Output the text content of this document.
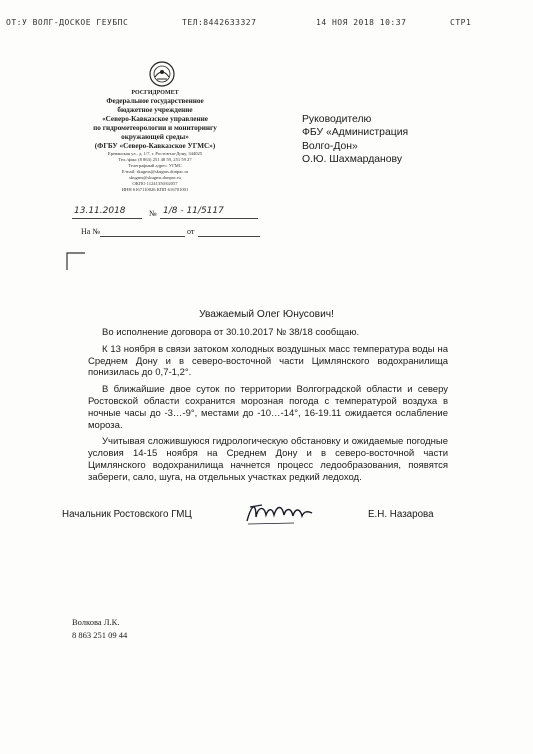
ОТ:У ВОЛГ-ДОСКОЕ ГЕУБПС	ТЕЛ:8442633327	14 НОЯ 2018 10:37	СТР1
РОСГИДРОМЕТ
Федеральное государственное
бюджетное учреждение
«Северо-Кавказское управление
по гидрометеорологии и мониторингу
окружающей среды»
(ФГБУ «Северо-Кавказское УГМС»)
Ереванская ул., д. 1/7, г. Ростов-на-Дону, 344025
Тел./факс (8 863) 251 48 59, 251 59 27
Телеграфный адрес: УГМС
E-mail: skugms@skugms.donpac.ru
skugms@skugms.donpac.ru
ОКПО 11241350/02057
ИНН 6167110026 КПП 616701001
Руководителю
ФБУ «Администрация
Волго-Дон»
О.Ю. Шахмарданову
13.11.2018	№ 1/8 - 11/5117
На №	от
Уважаемый Олег Юнусович!

Во исполнение договора от 30.10.2017 № 38/18 сообщаю.

К 13 ноября в связи затоком холодных воздушных масс температура воды на Среднем Дону и в северо-восточной части Цимлянского водохранилища понизилась до 0,7-1,2°.

В ближайшие двое суток по территории Волгоградской области и северу Ростовской области сохранится морозная погода с температурой воздуха в ночные часы до -3…-9°, местами до -10…-14°, 16-19.11 ожидается ослабление мороза.

Учитывая сложившуюся гидрологическую обстановку и ожидаемые погодные условия 14-15 ноября на Среднем Дону и в северо-восточной части Цимлянского водохранилища начнется процесс ледообразования, появятся забереги, сало, шуга, на отдельных участках редкий ледоход.

Начальник Ростовского ГМЦ	Е.Н. Назарова
Волкова Л.К.
8 863 251 09 44
